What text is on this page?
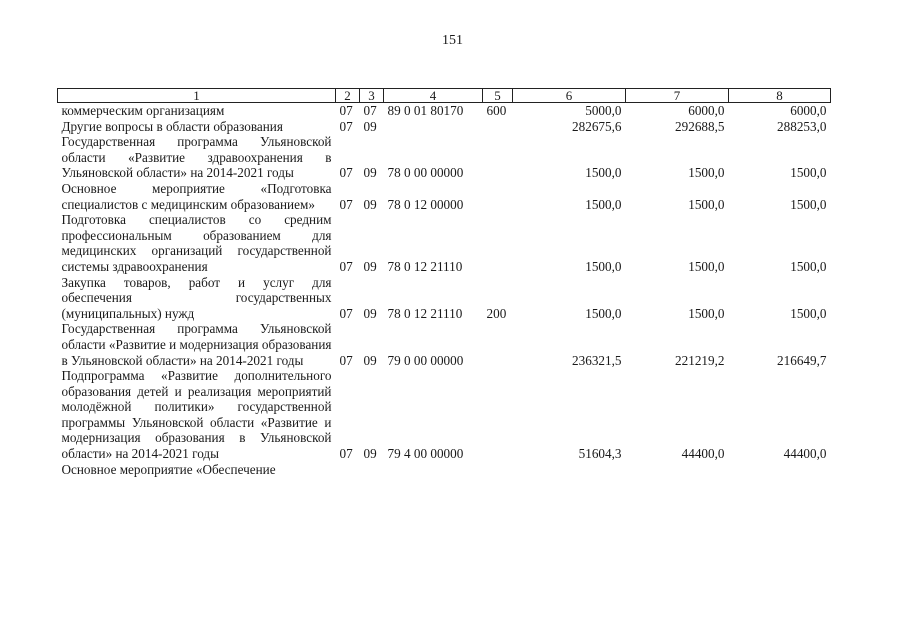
151
1	2	3	4	5	6	7	8
коммерческим организациям	07	07	89 0 01 80170	600	5000,0	6000,0	6000,0
Другие вопросы в области образования	07	09			282675,6	292688,5	288253,0
Государственная программа Ульяновской области «Развитие здравоохранения в Ульяновской области» на 2014-2021 годы	07	09	78 0 00 00000		1500,0	1500,0	1500,0
Основное мероприятие «Подготовка специалистов с медицинским образованием»	07	09	78 0 12 00000		1500,0	1500,0	1500,0
Подготовка специалистов со средним профессиональным образованием для медицинских организаций государственной системы здравоохранения	07	09	78 0 12 21110		1500,0	1500,0	1500,0
Закупка товаров, работ и услуг для обеспечения государственных (муниципальных) нужд	07	09	78 0 12 21110	200	1500,0	1500,0	1500,0
Государственная программа Ульяновской области «Развитие и модернизация образования в Ульяновской области» на 2014-2021 годы	07	09	79 0 00 00000		236321,5	221219,2	216649,7
Подпрограмма «Развитие дополнительного образования детей и реализация мероприятий молодёжной политики» государственной программы Ульяновской области «Развитие и модернизация образования в Ульяновской области» на 2014-2021 годы	07	09	79 4 00 00000		51604,3	44400,0	44400,0
Основное мероприятие «Обеспечение							
